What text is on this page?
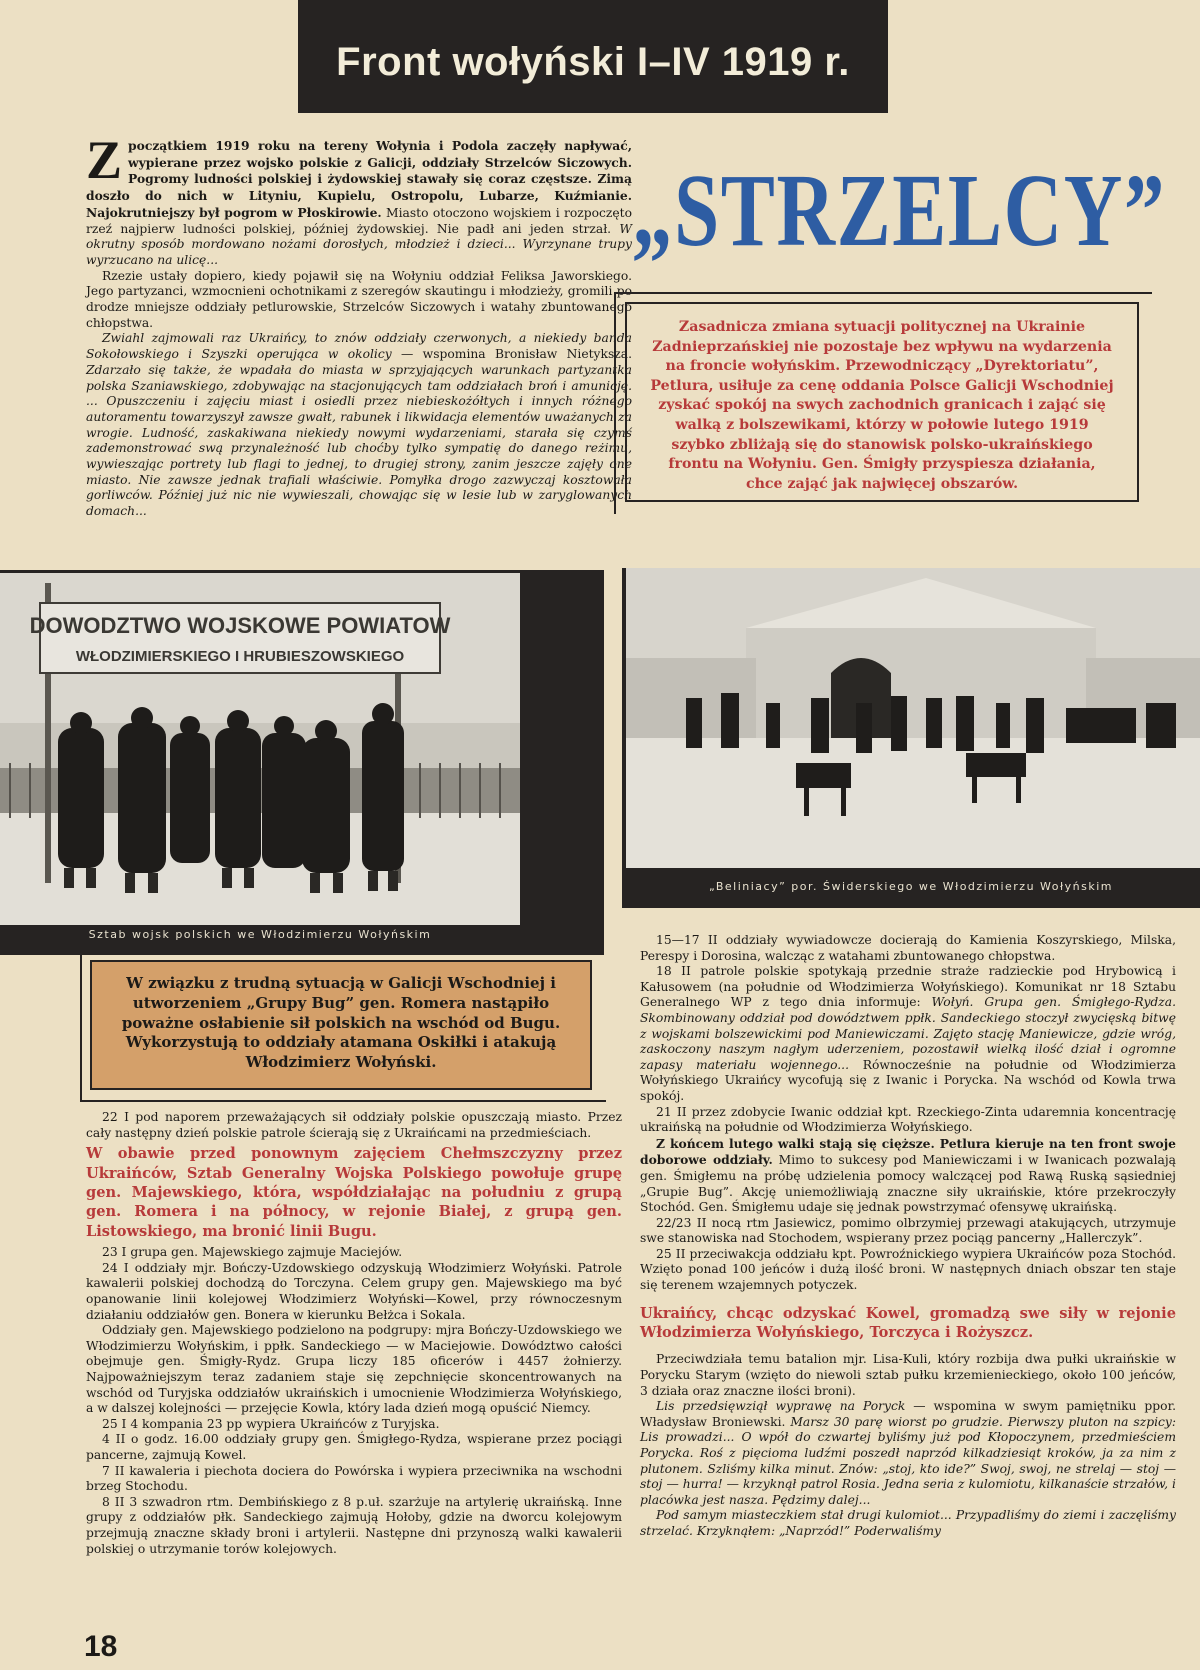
Front wołyński I–IV 1919 r.

Zpoczątkiem 1919 roku na tereny Wołynia i Podola zaczęły napływać, wypierane przez wojsko polskie z Galicji, oddziały Strzelców Siczowych. Pogromy ludności polskiej i żydowskiej stawały się coraz częstsze. Zimą doszło do nich w Lityniu, Kupielu, Ostropolu, Lubarze, Kuźmianie. Najokrutniejszy był pogrom w Płoskirowie. Miasto otoczono wojskiem i rozpoczęto rzeź najpierw ludności polskiej, później żydowskiej. Nie padł ani jeden strzał. W okrutny sposób mordowano nożami dorosłych, młodzież i dzieci... Wyrzynane trupy wyrzucano na ulicę...

Rzezie ustały dopiero, kiedy pojawił się na Wołyniu oddział Feliksa Jaworskiego. Jego partyzanci, wzmocnieni ochotnikami z szeregów skautingu i młodzieży, gromili po drodze mniejsze oddziały petlurowskie, Strzelców Siczowych i watahy zbuntowanego chłopstwa.

Zwiahl zajmowali raz Ukraińcy, to znów oddziały czerwonych, a niekiedy banda Sokołowskiego i Szyszki operująca w okolicy — wspomina Bronisław Nietyksza. Zdarzało się także, że wpadała do miasta w sprzyjających warunkach partyzantka polska Szaniawskiego, zdobywając na stacjonujących tam oddziałach broń i amunicję. ... Opuszczeniu i zajęciu miast i osiedli przez niebieskożółtych i innych różnego autoramentu towarzyszył zawsze gwałt, rabunek i likwidacja elementów uważanych za wrogie. Ludność, zaskakiwana niekiedy nowymi wydarzeniami, starała się czymś zademonstrować swą przynależność lub choćby tylko sympatię do danego reżimu, wywieszając portrety lub flagi to jednej, to drugiej strony, zanim jeszcze zajęły one miasto. Nie zawsze jednak trafiali właściwie. Pomyłka drogo zazwyczaj kosztowała gorliwców. Później już nic nie wywieszali, chowając się w lesie lub w zaryglowanych domach...

„STRZELCY”
Zasadnicza zmiana sytuacji politycznej na Ukrainie Zadnieprzańskiej nie pozostaje bez wpływu na wydarzenia na froncie wołyńskim. Przewodniczący „Dyrektoriatu”, Petlura, usiłuje za cenę oddania Polsce Galicji Wschodniej zyskać spokój na swych zachodnich granicach i zająć się walką z bolszewikami, którzy w połowie lutego 1919 szybko zbliżają się do stanowisk polsko-ukraińskiego frontu na Wołyniu. Gen. Śmigły przyspiesza działania, chce zająć jak najwięcej obszarów.
DOWODZTWO WOJSKOWE POWIATOW
WŁODZIMIERSKIEGO I HRUBIESZOWSKIEGO
Sztab wojsk polskich we Włodzimierzu Wołyńskim
„Beliniacy” por. Świderskiego we Włodzimierzu Wołyńskim
W związku z trudną sytuacją w Galicji Wschodniej i utworzeniem „Grupy Bug” gen. Romera nastąpiło poważne osłabienie sił polskich na wschód od Bugu. Wykorzystują to oddziały atamana Oskiłki i atakują Włodzimierz Wołyński.

22 I pod naporem przeważających sił oddziały polskie opuszczają miasto. Przez cały następny dzień polskie patrole ścierają się z Ukraińcami na przedmieściach.

W obawie przed ponownym zajęciem Chełmszczyzny przez Ukraińców, Sztab Generalny Wojska Polskiego powołuje grupę gen. Majewskiego, która, współdziałając na południu z grupą gen. Romera i na północy, w rejonie Białej, z grupą gen. Listowskiego, ma bronić linii Bugu.

23 I grupa gen. Majewskiego zajmuje Maciejów.

24 I oddziały mjr. Bończy-Uzdowskiego odzyskują Włodzimierz Wołyński. Patrole kawalerii polskiej dochodzą do Torczyna. Celem grupy gen. Majewskiego ma być opanowanie linii kolejowej Włodzimierz Wołyński—Kowel, przy równoczesnym działaniu oddziałów gen. Bonera w kierunku Bełżca i Sokala.

Oddziały gen. Majewskiego podzielono na podgrupy: mjra Bończy-Uzdowskiego we Włodzimierzu Wołyńskim, i ppłk. Sandeckiego — w Maciejowie. Dowództwo całości obejmuje gen. Śmigły-Rydz. Grupa liczy 185 oficerów i 4457 żołnierzy. Najpoważniejszym teraz zadaniem staje się zepchnięcie skoncentrowanych na wschód od Turyjska oddziałów ukraińskich i umocnienie Włodzimierza Wołyńskiego, a w dalszej kolejności — przejęcie Kowla, który lada dzień mogą opuścić Niemcy.

25 I 4 kompania 23 pp wypiera Ukraińców z Turyjska.

4 II o godz. 16.00 oddziały grupy gen. Śmigłego-Rydza, wspierane przez pociągi pancerne, zajmują Kowel.

7 II kawaleria i piechota dociera do Powórska i wypiera przeciwnika na wschodni brzeg Stochodu.

8 II 3 szwadron rtm. Dembińskiego z 8 p.uł. szarżuje na artylerię ukraińską. Inne grupy z oddziałów płk. Sandeckiego zajmują Hołoby, gdzie na dworcu kolejowym przejmują znaczne składy broni i artylerii. Następne dni przynoszą walki kawalerii polskiej o utrzymanie torów kolejowych.

15—17 II oddziały wywiadowcze docierają do Kamienia Koszyrskiego, Milska, Perespy i Dorosina, walcząc z watahami zbuntowanego chłopstwa.

18 II patrole polskie spotykają przednie straże radzieckie pod Hrybowicą i Kałusowem (na południe od Włodzimierza Wołyńskiego). Komunikat nr 18 Sztabu Generalnego WP z tego dnia informuje: Wołyń. Grupa gen. Śmigłego-Rydza. Skombinowany oddział pod dowództwem ppłk. Sandeckiego stoczył zwycięską bitwę z wojskami bolszewickimi pod Maniewiczami. Zajęto stację Maniewicze, gdzie wróg, zaskoczony naszym nagłym uderzeniem, pozostawił wielką ilość dział i ogromne zapasy materiału wojennego... Równocześnie na południe od Włodzimierza Wołyńskiego Ukraińcy wycofują się z Iwanic i Porycka. Na wschód od Kowla trwa spokój.

21 II przez zdobycie Iwanic oddział kpt. Rzeckiego-Zinta udaremnia koncentrację ukraińską na południe od Włodzimierza Wołyńskiego.

Z końcem lutego walki stają się cięższe. Petlura kieruje na ten front swoje doborowe oddziały. Mimo to sukcesy pod Maniewiczami i w Iwanicach pozwalają gen. Śmigłemu na próbę udzielenia pomocy walczącej pod Rawą Ruską sąsiedniej „Grupie Bug”. Akcję uniemożliwiają znaczne siły ukraińskie, które przekroczyły Stochód. Gen. Śmigłemu udaje się jednak powstrzymać ofensywę ukraińską.

22/23 II nocą rtm Jasiewicz, pomimo olbrzymiej przewagi atakujących, utrzymuje swe stanowiska nad Stochodem, wspierany przez pociąg pancerny „Hallerczyk”.

25 II przeciwakcja oddziału kpt. Powroźnickiego wypiera Ukraińców poza Stochód. Wzięto ponad 100 jeńców i dużą ilość broni. W następnych dniach obszar ten staje się terenem wzajemnych potyczek.

Ukraińcy, chcąc odzyskać Kowel, gromadzą swe siły w rejonie Włodzimierza Wołyńskiego, Torczyca i Rożyszcz.

Przeciwdziała temu batalion mjr. Lisa-Kuli, który rozbija dwa pułki ukraińskie w Porycku Starym (wzięto do niewoli sztab pułku krzemienieckiego, około 100 jeńców, 3 działa oraz znaczne ilości broni).

Lis przedsięwziął wyprawę na Poryck — wspomina w swym pamiętniku ppor. Władysław Broniewski. Marsz 30 parę wiorst po grudzie. Pierwszy pluton na szpicy: Lis prowadzi... O wpół do czwartej byliśmy już pod Kłopoczynem, przedmieściem Porycka. Roś z pięcioma ludźmi poszedł naprzód kilkadziesiąt kroków, ja za nim z plutonem. Szliśmy kilka minut. Znów: „stoj, kto ide?” Swoj, swoj, ne strelaj — stoj — stoj — hurra! — krzyknął patrol Rosia. Jedna seria z kulomiotu, kilkanaście strzałów, i placówka jest nasza. Pędzimy dalej...

Pod samym miasteczkiem stał drugi kulomiot... Przypadliśmy do ziemi i zaczęliśmy strzelać. Krzyknąłem: „Naprzód!” Poderwaliśmy

18
